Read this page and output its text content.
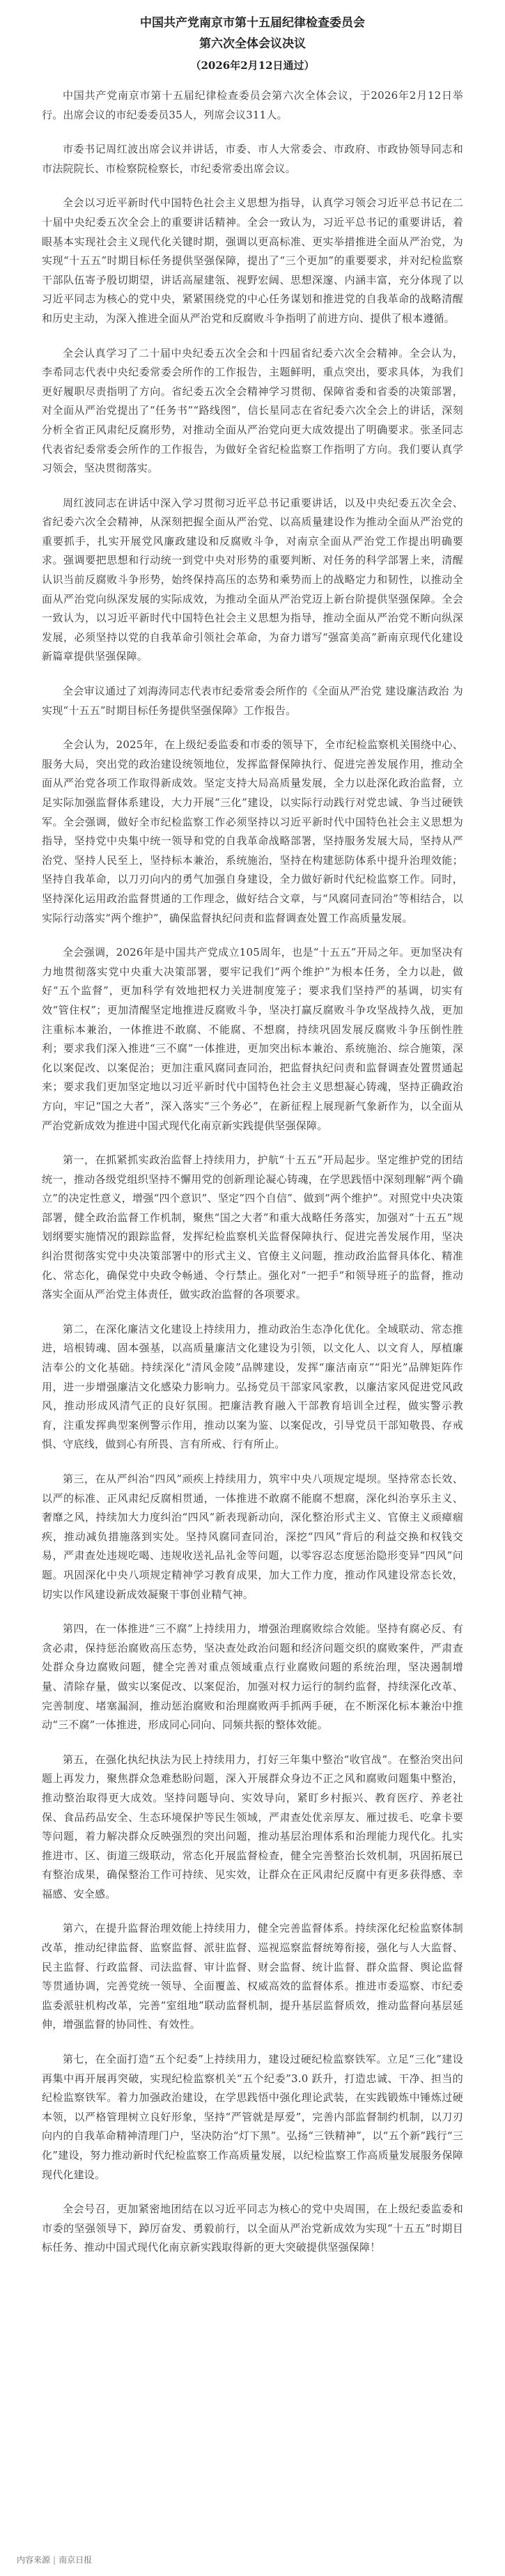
中国共产党南京市第十五届纪律检查委员会
第六次全体会议决议
（2026年2月12日通过）

中国共产党南京市第十五届纪律检查委员会第六次全体会议，于2026年2月12日举行。出席会议的市纪委委员35人，列席会议311人。

市委书记周红波出席会议并讲话，市委、市人大常委会、市政府、市政协领导同志和市法院院长、市检察院检察长，市纪委常委出席会议。

全会以习近平新时代中国特色社会主义思想为指导，认真学习领会习近平总书记在二十届中央纪委五次全会上的重要讲话精神。全会一致认为，习近平总书记的重要讲话，着眼基本实现社会主义现代化关键时期，强调以更高标准、更实举措推进全面从严治党，为实现“十五五”时期目标任务提供坚强保障，提出了“三个更加”的重要要求，并对纪检监察干部队伍寄予殷切期望，讲话高屋建瓴、视野宏阔、思想深邃、内涵丰富，充分体现了以习近平同志为核心的党中央，紧紧围绕党的中心任务谋划和推进党的自我革命的战略清醒和历史主动，为深入推进全面从严治党和反腐败斗争指明了前进方向、提供了根本遵循。

全会认真学习了二十届中央纪委五次全会和十四届省纪委六次全会精神。全会认为，李希同志代表中央纪委常委会所作的工作报告，主题鲜明，重点突出，要求具体，为我们更好履职尽责指明了方向。省纪委五次全会精神学习贯彻、保障省委和省委的决策部署，对全面从严治党提出了“任务书”“路线图”，信长星同志在省纪委六次全会上的讲话，深刻分析全省正风肃纪反腐形势，对推动全面从严治党向更大成效提出了明确要求。张圣同志代表省纪委常委会所作的工作报告，为做好全省纪检监察工作指明了方向。我们要认真学习领会，坚决贯彻落实。

周红波同志在讲话中深入学习贯彻习近平总书记重要讲话，以及中央纪委五次全会、省纪委六次全会精神，从深刻把握全面从严治党、以高质量建设作为推动全面从严治党的重要抓手，扎实开展党风廉政建设和反腐败斗争，对南京全面从严治党工作提出明确要求。强调要把思想和行动统一到党中央对形势的重要判断、对任务的科学部署上来，清醒认识当前反腐败斗争形势，始终保持高压的态势和乘势而上的战略定力和韧性，以推动全面从严治党向纵深发展的实际成效，为推动全面从严治党迈上新台阶提供坚强保障。全会一致认为，以习近平新时代中国特色社会主义思想为指导，推动全面从严治党不断向纵深发展，必须坚持以党的自我革命引领社会革命，为奋力谱写“强富美高”新南京现代化建设新篇章提供坚强保障。

全会审议通过了刘海涛同志代表市纪委常委会所作的《全面从严治党 建设廉洁政治 为实现“十五五”时期目标任务提供坚强保障》工作报告。

全会认为，2025年，在上级纪委监委和市委的领导下，全市纪检监察机关围绕中心、服务大局，突出党的政治建设统领地位，发挥监督保障执行、促进完善发展作用，推动全面从严治党各项工作取得新成效。坚定支持大局高质量发展，全力以赴深化政治监督，立足实际加强监督体系建设，大力开展“三化”建设，以实际行动践行对党忠诚、争当过硬铁军。全会强调，做好全市纪检监察工作必须坚持以习近平新时代中国特色社会主义思想为指导，坚持党中央集中统一领导和党的自我革命战略部署，坚持服务发展大局，坚持从严治党、坚持人民至上，坚持标本兼治，系统施治，坚持在构建惩防体系中提升治理效能；坚持自我革命，以刀刃向内的勇气加强自身建设，全力做好新时代纪检监察工作。同时，坚持深化运用政治监督贯通的工作理念，做好结合文章，与“风腐同查同治”等相结合，以实际行动落实“两个维护”，确保监督执纪问责和监督调查处置工作高质量发展。

全会强调，2026年是中国共产党成立105周年，也是“十五五”开局之年。更加坚决有力地贯彻落实党中央重大决策部署，要牢记我们“两个维护”为根本任务，全力以赴，做好“五个监督”，更加科学有效地把权力关进制度笼子；要求我们坚持严的基调，切实有效“管住权”；更加清醒坚定地推进反腐败斗争，坚决打赢反腐败斗争攻坚战持久战，更加注重标本兼治，一体推进不敢腐、不能腐、不想腐，持续巩固发展反腐败斗争压倒性胜利；要求我们深入推进“三不腐”一体推进，更加突出标本兼治、系统施治、综合施策，深化以案促改、以案促治；更加注重风腐同查同治，把监督执纪问责和监督调查处置贯通起来；要求我们更加坚定地以习近平新时代中国特色社会主义思想凝心铸魂，坚持正确政治方向，牢记“国之大者”，深入落实“三个务必”，在新征程上展现新气象新作为，以全面从严治党新成效为推进中国式现代化南京新实践提供坚强保障。

第一，在抓紧抓实政治监督上持续用力，护航“十五五”开局起步。坚定维护党的团结统一，推动各级党组织坚持不懈用党的创新理论凝心铸魂，在学思践悟中深刻理解“两个确立”的决定性意义，增强“四个意识”、坚定“四个自信”、做到“两个维护”。对照党中央决策部署，健全政治监督工作机制，聚焦“国之大者”和重大战略任务落实，加强对“十五五”规划纲要实施情况的跟踪监督，发挥纪检监察机关监督保障执行、促进完善发展作用，坚决纠治贯彻落实党中央决策部署中的形式主义、官僚主义问题，推动政治监督具体化、精准化、常态化，确保党中央政令畅通、令行禁止。强化对“一把手”和领导班子的监督，推动落实全面从严治党主体责任，做实政治监督的各项要求。

第二，在深化廉洁文化建设上持续用力，推动政治生态净化优化。全域联动、常态推进，培根铸魂、固本强基，以高质量廉洁文化建设为引领，以文化人、以文育人，厚植廉洁奉公的文化基础。持续深化“清风金陵”品牌建设，发挥“廉洁南京”“阳光”品牌矩阵作用，进一步增强廉洁文化感染力影响力。弘扬党员干部家风家教，以廉洁家风促进党风政风，推动形成风清气正的良好氛围。把廉洁教育融入干部教育培训全过程，做实警示教育，注重发挥典型案例警示作用，推动以案为鉴、以案促改，引导党员干部知敬畏、存戒惧、守底线，做到心有所畏、言有所戒、行有所止。

第三，在从严纠治“四风”顽疾上持续用力，筑牢中央八项规定堤坝。坚持常态长效、以严的标准、正风肃纪反腐相贯通，一体推进不敢腐不能腐不想腐，深化纠治享乐主义、奢靡之风，持续加大力度纠治“四风”新表现新动向，深化整治形式主义、官僚主义顽瘴痼疾，推动减负措施落到实处。坚持风腐同查同治，深挖“四风”背后的利益交换和权钱交易，严肃查处违规吃喝、违规收送礼品礼金等问题，以零容忍态度惩治隐形变异“四风”问题。巩固深化中央八项规定精神学习教育成果，加大工作力度，推动作风建设常态长效，切实以作风建设新成效凝聚干事创业精气神。

第四，在一体推进“三不腐”上持续用力，增强治理腐败综合效能。坚持有腐必反、有贪必肃，保持惩治腐败高压态势，坚决查处政治问题和经济问题交织的腐败案件，严肃查处群众身边腐败问题，健全完善对重点领域重点行业腐败问题的系统治理，坚决遏制增量、清除存量，做实以案促改、以案促治，加强对权力运行的制约监督，持续深化改革、完善制度、堵塞漏洞，推动惩治腐败和治理腐败两手抓两手硬，在不断深化标本兼治中推动“三不腐”一体推进，形成同心同向、同频共振的整体效能。

第五，在强化执纪执法为民上持续用力，打好三年集中整治“收官战”。在整治突出问题上再发力，聚焦群众急难愁盼问题，深入开展群众身边不正之风和腐败问题集中整治，推动整治取得更大成效。坚持问题导向、实效导向，紧盯乡村振兴、教育医疗、养老社保、食品药品安全、生态环境保护等民生领域，严肃查处优亲厚友、雁过拔毛、吃拿卡要等问题，着力解决群众反映强烈的突出问题，推动基层治理体系和治理能力现代化。扎实推进市、区、街道三级联动，常态化开展监督检查，健全完善整治长效机制，巩固拓展已有整治成果，确保整治工作可持续、见实效，让群众在正风肃纪反腐中有更多获得感、幸福感、安全感。

第六，在提升监督治理效能上持续用力，健全完善监督体系。持续深化纪检监察体制改革，推动纪律监督、监察监督、派驻监督、巡视巡察监督统筹衔接，强化与人大监督、民主监督、行政监督、司法监督、审计监督、财会监督、统计监督、群众监督、舆论监督等贯通协调，完善党统一领导、全面覆盖、权威高效的监督体系。推进市委巡察、市纪委监委派驻机构改革，完善“室组地”联动监督机制，提升基层监督质效，推动监督向基层延伸，增强监督的协同性、有效性。

第七，在全面打造“五个纪委”上持续用力，建设过硬纪检监察铁军。立足“三化”建设再集中再开展再突破，实现纪检监察机关“五个纪委”3.0 跃升，打造忠诚、干净、担当的纪检监察铁军。着力加强政治建设，在学思践悟中强化理论武装，在实践锻炼中锤炼过硬本领，以严格管理树立良好形象，坚持“严管就是厚爱”，完善内部监督制约机制，以刀刃向内的自我革命精神清理门户，坚决防治“灯下黑”。弘扬“三铁精神”，以“五个新”践行“三化”建设，努力推动新时代纪检监察工作高质量发展，以纪检监察工作高质量发展服务保障现代化建设。

全会号召，更加紧密地团结在以习近平同志为核心的党中央周围，在上级纪委监委和市委的坚强领导下，踔厉奋发、勇毅前行，以全面从严治党新成效为实现“十五五”时期目标任务、推动中国式现代化南京新实践取得新的更大突破提供坚强保障！

内容来源 | 南京日报
